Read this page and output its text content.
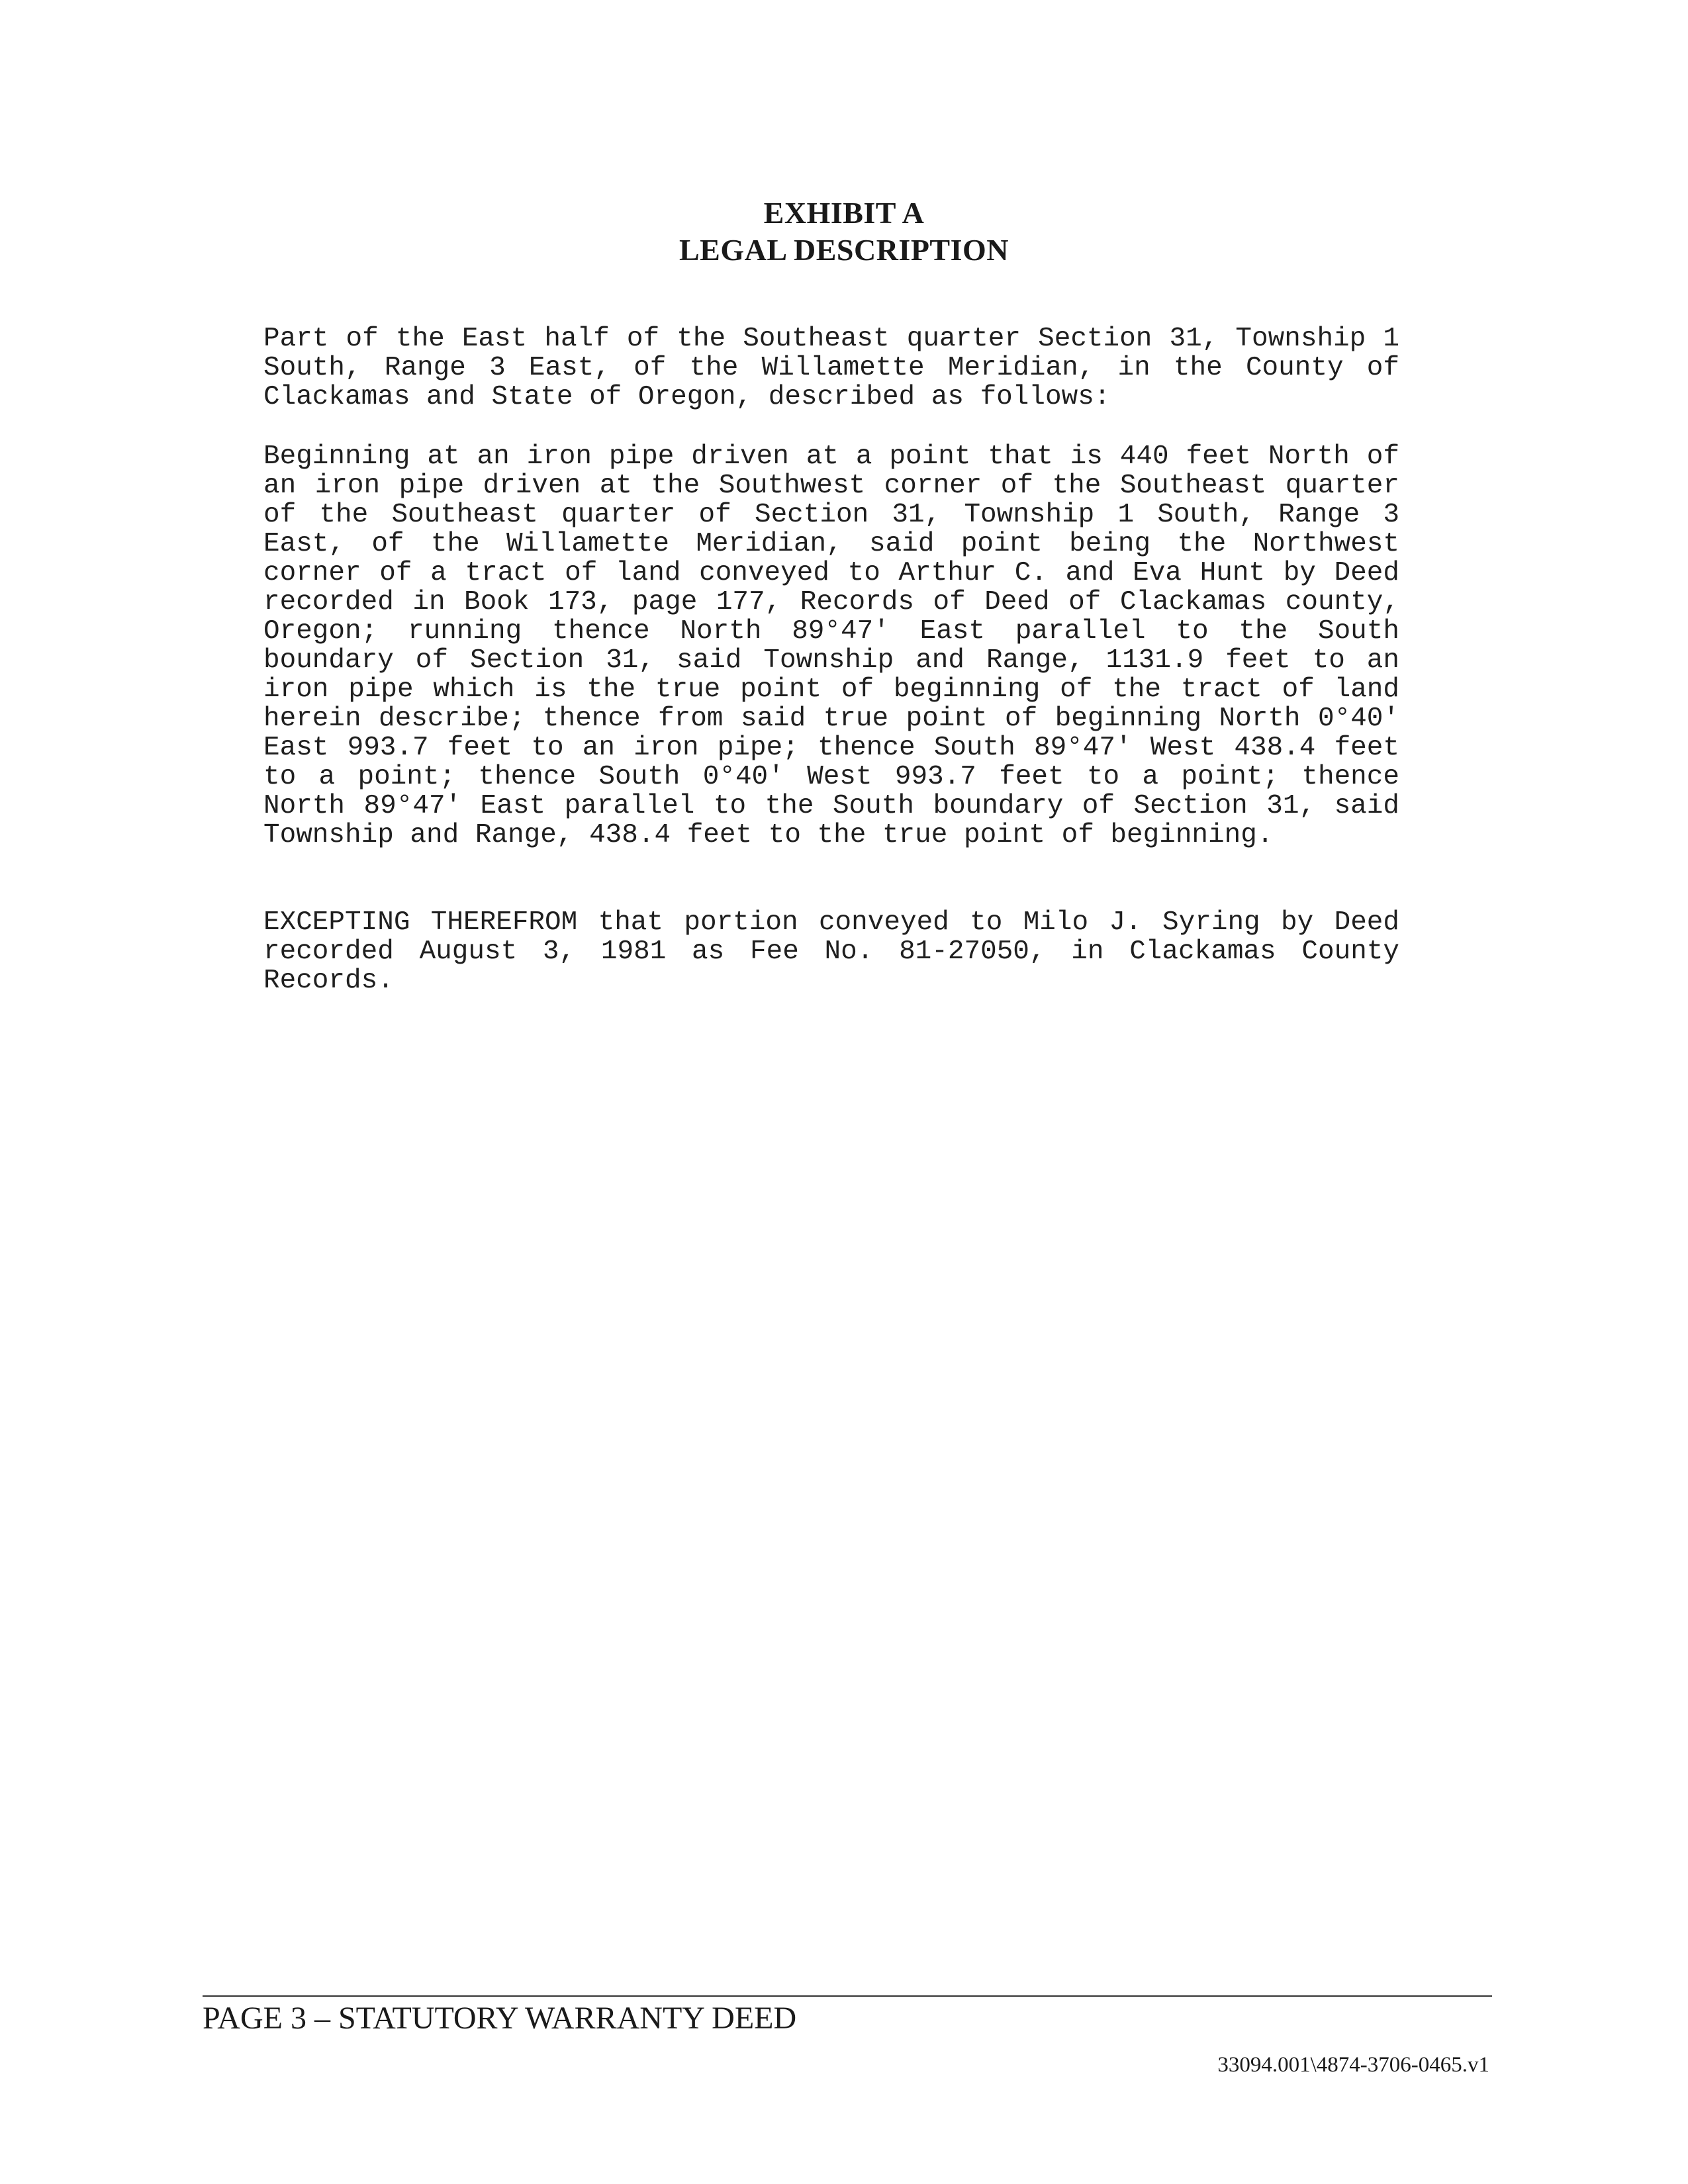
EXHIBIT A
LEGAL DESCRIPTION

Part of the East half of the Southeast quarter Section 31, Township 1 South, Range 3 East, of the Willamette Meridian, in the County of Clackamas and State of Oregon, described as follows:

Beginning at an iron pipe driven at a point that is 440 feet North of an iron pipe driven at the Southwest corner of the Southeast quarter of the Southeast quarter of Section 31, Township 1 South, Range 3 East, of the Willamette Meridian, said point being the Northwest corner of a tract of land conveyed to Arthur C. and Eva Hunt by Deed recorded in Book 173, page 177, Records of Deed of Clackamas county, Oregon; running thence North 89°47′ East parallel to the South boundary of Section 31, said Township and Range, 1131.9 feet to an iron pipe which is the true point of beginning of the tract of land herein describe; thence from said true point of beginning North 0°40′ East 993.7 feet to an iron pipe; thence South 89°47′ West 438.4 feet to a point; thence South 0°40′ West 993.7 feet to a point; thence North 89°47′ East parallel to the South boundary of Section 31, said Township and Range, 438.4 feet to the true point of beginning.

EXCEPTING THEREFROM that portion conveyed to Milo J. Syring by Deed recorded August 3, 1981 as Fee No. 81-27050, in Clackamas County Records.

PAGE 3 – STATUTORY WARRANTY DEED
33094.001\4874-3706-0465.v1
